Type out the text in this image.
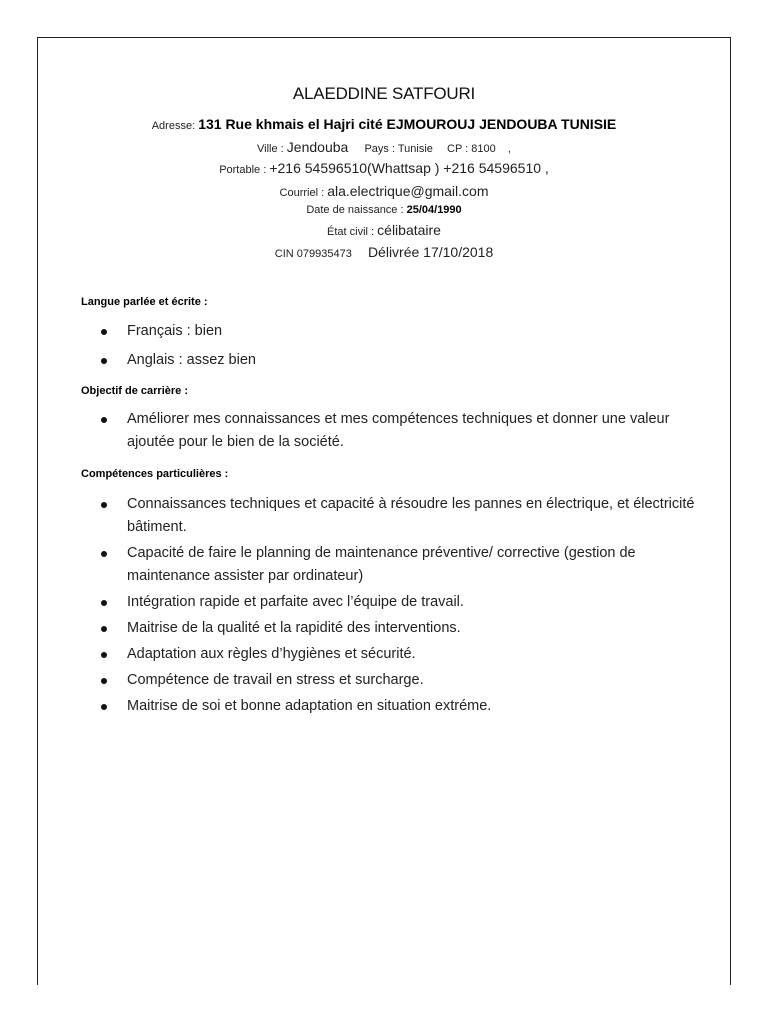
ALAEDDINE SATFOURI
Adresse: 131 Rue khmais el Hajri cité EJMOUROUJ JENDOUBA TUNISIE
Ville : Jendouba Pays : Tunisie CP : 8100 ,
Portable : +216 54596510(Whattsap ) +216 54596510 ,
Courriel : ala.electrique@gmail.com
Date de naissance : 25/04/1990
État civil : célibataire
CIN 079935473 Délivrée 17/10/2018
Langue parlée et écrite :
Français : bien
Anglais : assez bien
Objectif de carrière :
Améliorer mes connaissances et mes compétences techniques et donner une valeur ajoutée pour le bien de la société.
Compétences particulières :
Connaissances techniques et capacité à résoudre les pannes en électrique, et électricité bâtiment.
Capacité de faire le planning de maintenance préventive/ corrective (gestion de maintenance assister par ordinateur)
Intégration rapide et parfaite avec l’équipe de travail.
Maitrise de la qualité et la rapidité des interventions.
Adaptation aux règles d’hygiènes et sécurité.
Compétence de travail en stress et surcharge.
Maitrise de soi et bonne adaptation en situation extréme.
